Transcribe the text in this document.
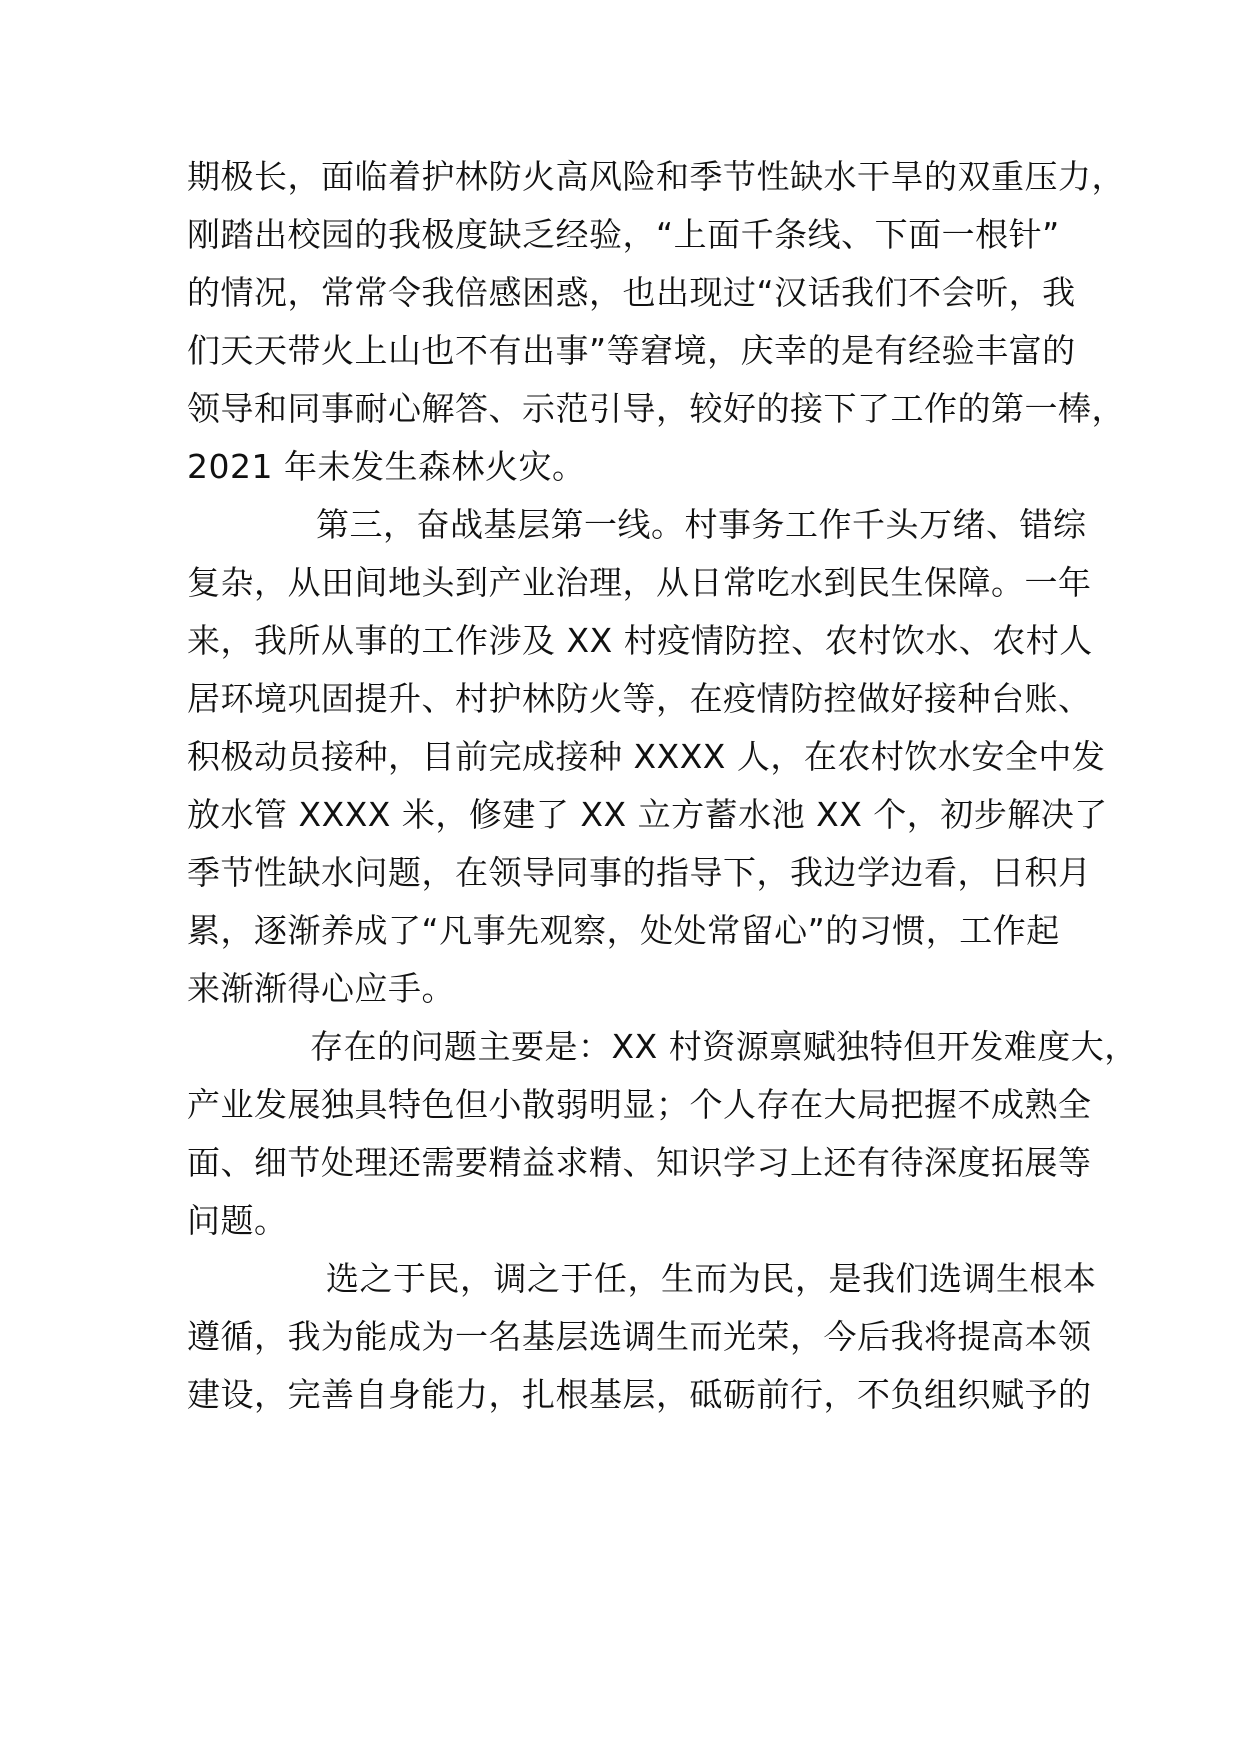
期极长，面临着护林防火高风险和季节性缺水干旱的双重压力，

刚踏出校园的我极度缺乏经验，“上面千条线、下面一根针”

的情况，常常令我倍感困惑，也出现过“汉话我们不会听，我

们天天带火上山也不有出事”等窘境，庆幸的是有经验丰富的

领导和同事耐心解答、示范引导，较好的接下了工作的第一棒，

2021 年未发生森林火灾。

第三，奋战基层第一线。村事务工作千头万绪、错综

复杂，从田间地头到产业治理，从日常吃水到民生保障。一年

来，我所从事的工作涉及 XX 村疫情防控、农村饮水、农村人

居环境巩固提升、村护林防火等，在疫情防控做好接种台账、

积极动员接种，目前完成接种 XXXX 人，在农村饮水安全中发

放水管 XXXX 米，修建了 XX 立方蓄水池 XX 个，初步解决了

季节性缺水问题，在领导同事的指导下，我边学边看，日积月

累，逐渐养成了“凡事先观察，处处常留心”的习惯，工作起

来渐渐得心应手。

存在的问题主要是：XX 村资源禀赋独特但开发难度大，

产业发展独具特色但小散弱明显；个人存在大局把握不成熟全

面、细节处理还需要精益求精、知识学习上还有待深度拓展等

问题。

选之于民，调之于任，生而为民，是我们选调生根本

遵循，我为能成为一名基层选调生而光荣，今后我将提高本领

建设，完善自身能力，扎根基层，砥砺前行，不负组织赋予的
